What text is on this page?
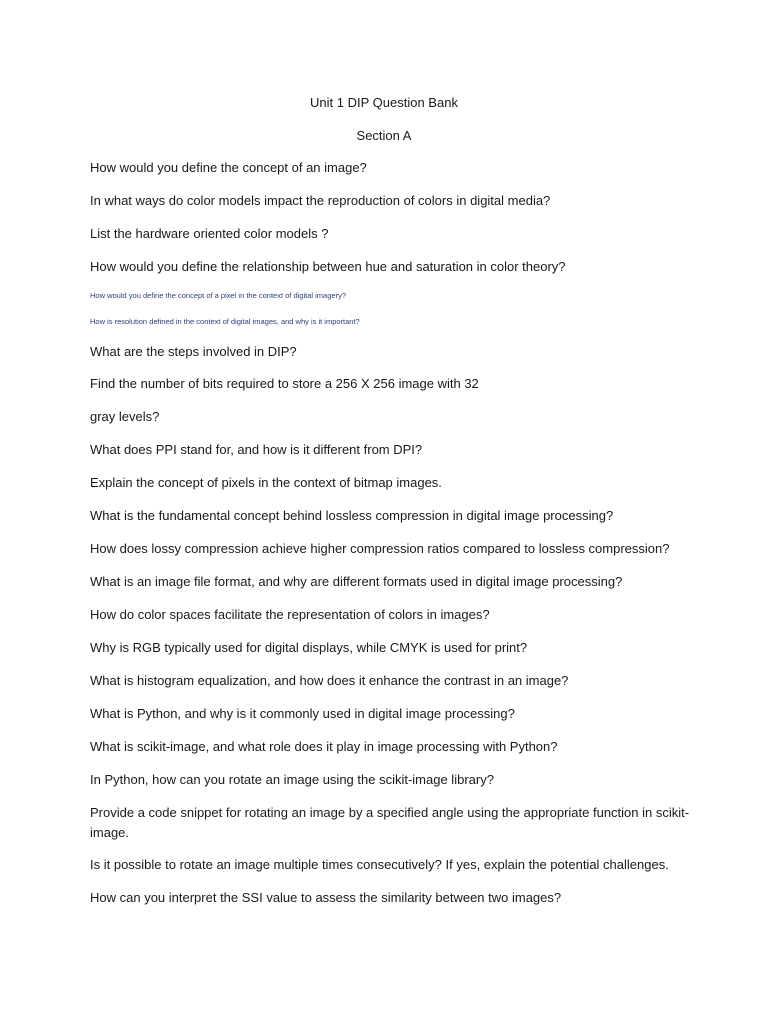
Unit 1 DIP Question Bank
Section A
How would you define the concept of an image?
In what ways do color models impact the reproduction of colors in digital media?
List the hardware oriented color models ?
How would you define the relationship between hue and saturation in color theory?
How would you define the concept of a pixel in the context of digital imagery?
How is resolution defined in the context of digital images, and why is it important?
What are the steps involved in DIP?
Find the number of bits required to store a 256 X 256 image with 32
gray levels?
What does PPI stand for, and how is it different from DPI?
Explain the concept of pixels in the context of bitmap images.
What is the fundamental concept behind lossless compression in digital image processing?
How does lossy compression achieve higher compression ratios compared to lossless compression?
What is an image file format, and why are different formats used in digital image processing?
How do color spaces facilitate the representation of colors in images?
Why is RGB typically used for digital displays, while CMYK is used for print?
What is histogram equalization, and how does it enhance the contrast in an image?
What is Python, and why is it commonly used in digital image processing?
What is scikit-image, and what role does it play in image processing with Python?
In Python, how can you rotate an image using the scikit-image library?
Provide a code snippet for rotating an image by a specified angle using the appropriate function in scikit-image.
Is it possible to rotate an image multiple times consecutively? If yes, explain the potential challenges.
How can you interpret the SSI value to assess the similarity between two images?
